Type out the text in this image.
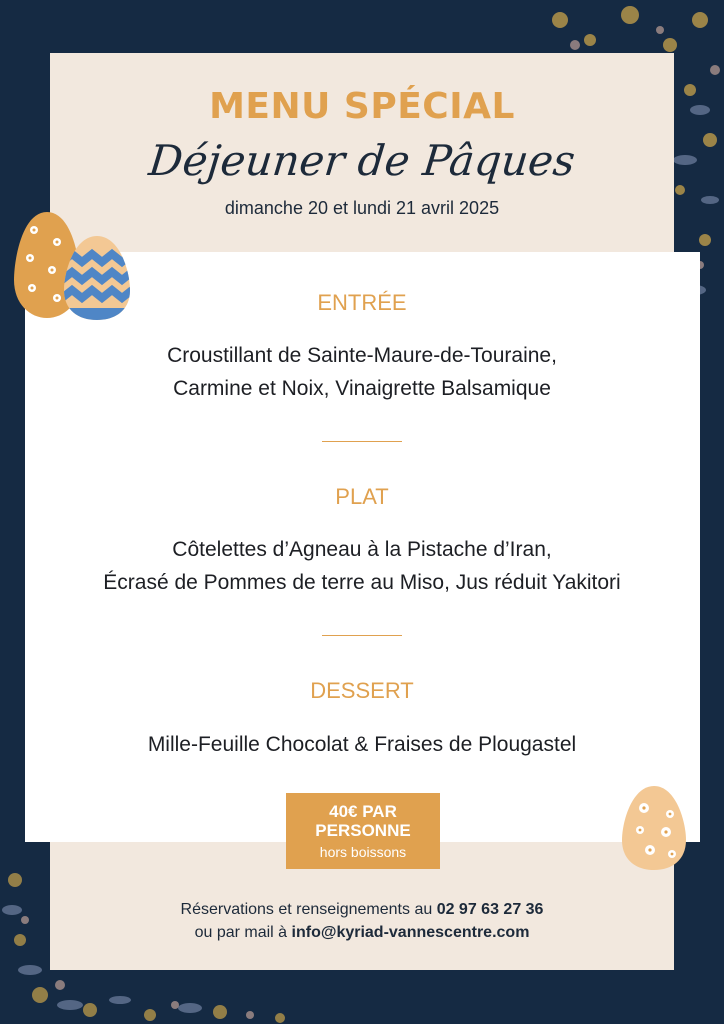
MENU SPÉCIAL
Déjeuner de Pâques
dimanche 20 et lundi 21 avril 2025
ENTRÉE
Croustillant de Sainte-Maure-de-Touraine,
Carmine et Noix, Vinaigrette Balsamique
PLAT
Côtelettes d’Agneau à la Pistache d’Iran,
Écrasé de Pommes de terre au Miso, Jus réduit Yakitori
DESSERT
Mille-Feuille Chocolat & Fraises de Plougastel
40€ PAR
PERSONNE
hors boissons
Réservations et renseignements au 02 97 63 27 36
ou par mail à info@kyriad-vannescentre.com
